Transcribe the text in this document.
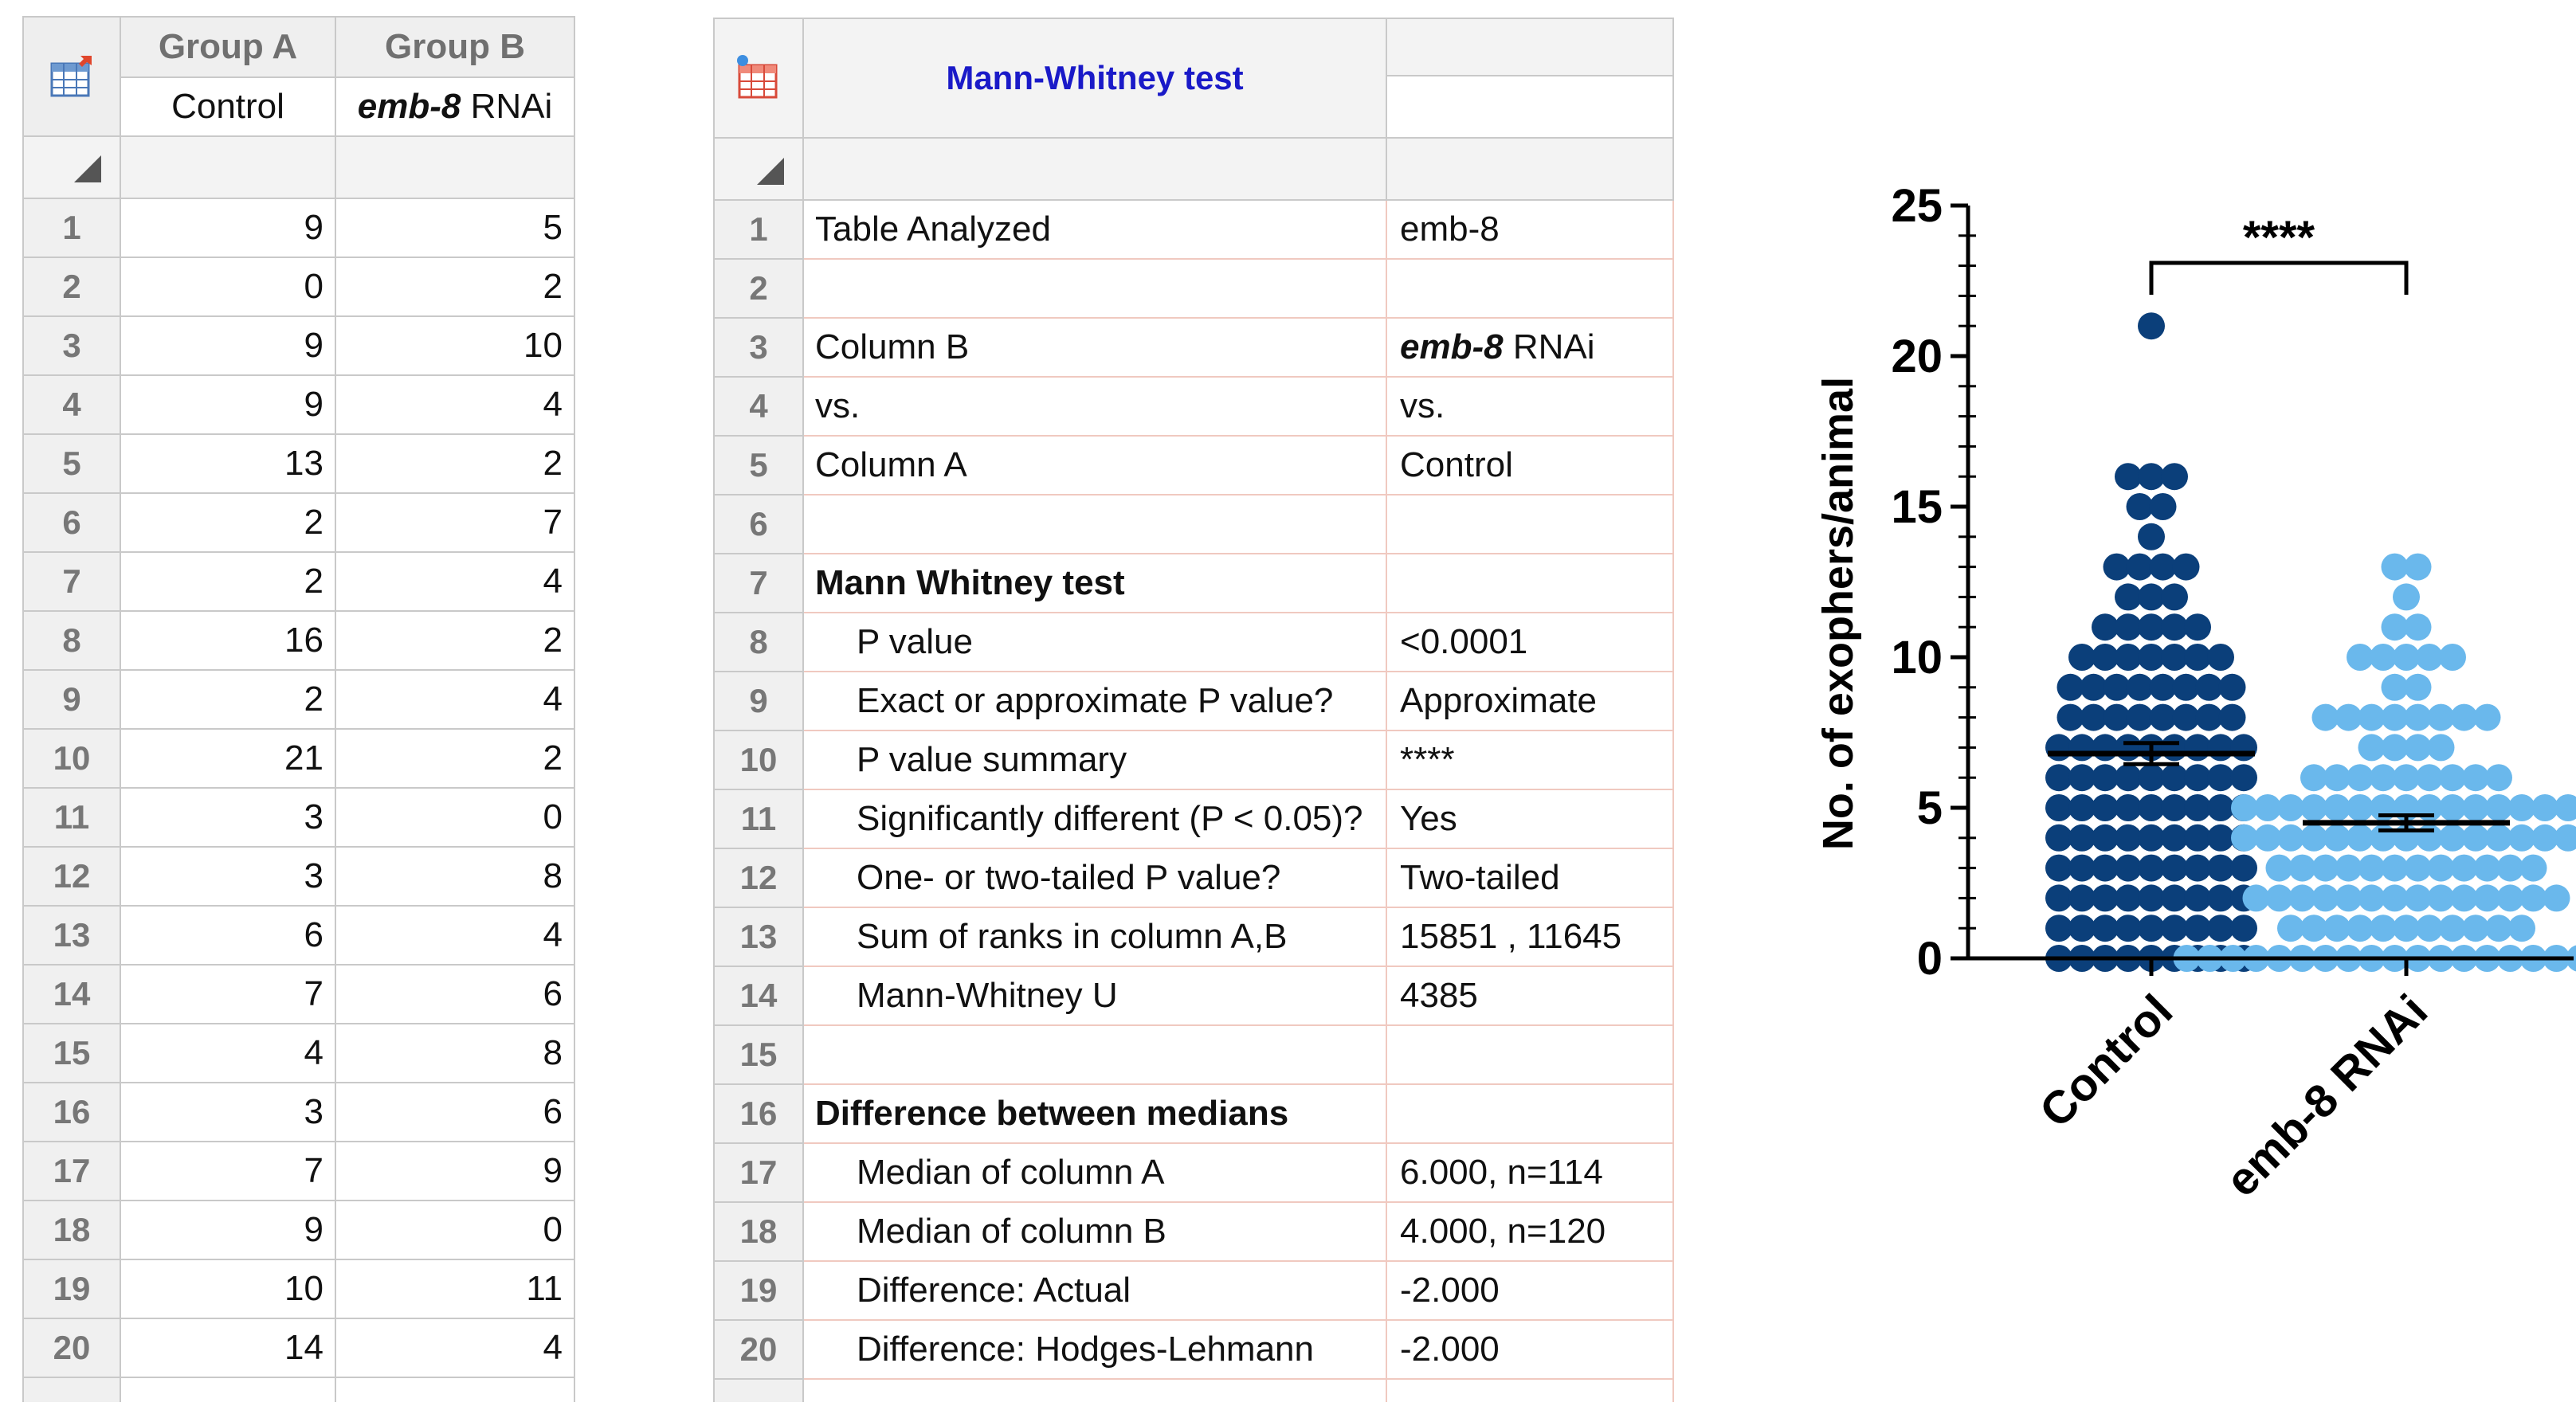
	Group A	Group B
	Control	emb-8 RNAi

1	9	5
2	0	2
3	9	10
4	9	4
5	13	2
6	2	7
7	2	4
8	16	2
9	2	4
10	21	2
11	3	0
12	3	8
13	6	4
14	7	6
15	4	8
16	3	6
17	7	9
18	9	0
19	10	11
20	14	4

	Mann-Whitney test	

1	Table Analyzed	emb-8
2		
3	Column B	emb-8 RNAi
4	vs.	vs.
5	Column A	Control
6		
7	Mann Whitney test	
8	P value	<0.0001
9	Exact or approximate P value?	Approximate
10	P value summary	****
11	Significantly different (P < 0.05)?	Yes
12	One- or two-tailed P value?	Two-tailed
13	Sum of ranks in column A,B	15851 , 11645
14	Mann-Whitney U	4385
15		
16	Difference between medians	
17	Median of column A	6.000, n=114
18	Median of column B	4.000, n=120
19	Difference: Actual	-2.000
20	Difference: Hodges-Lehmann	-2.000

0
5
10
15
20
25
Control emb-8 RNAi
No. of exophers/animal
****
